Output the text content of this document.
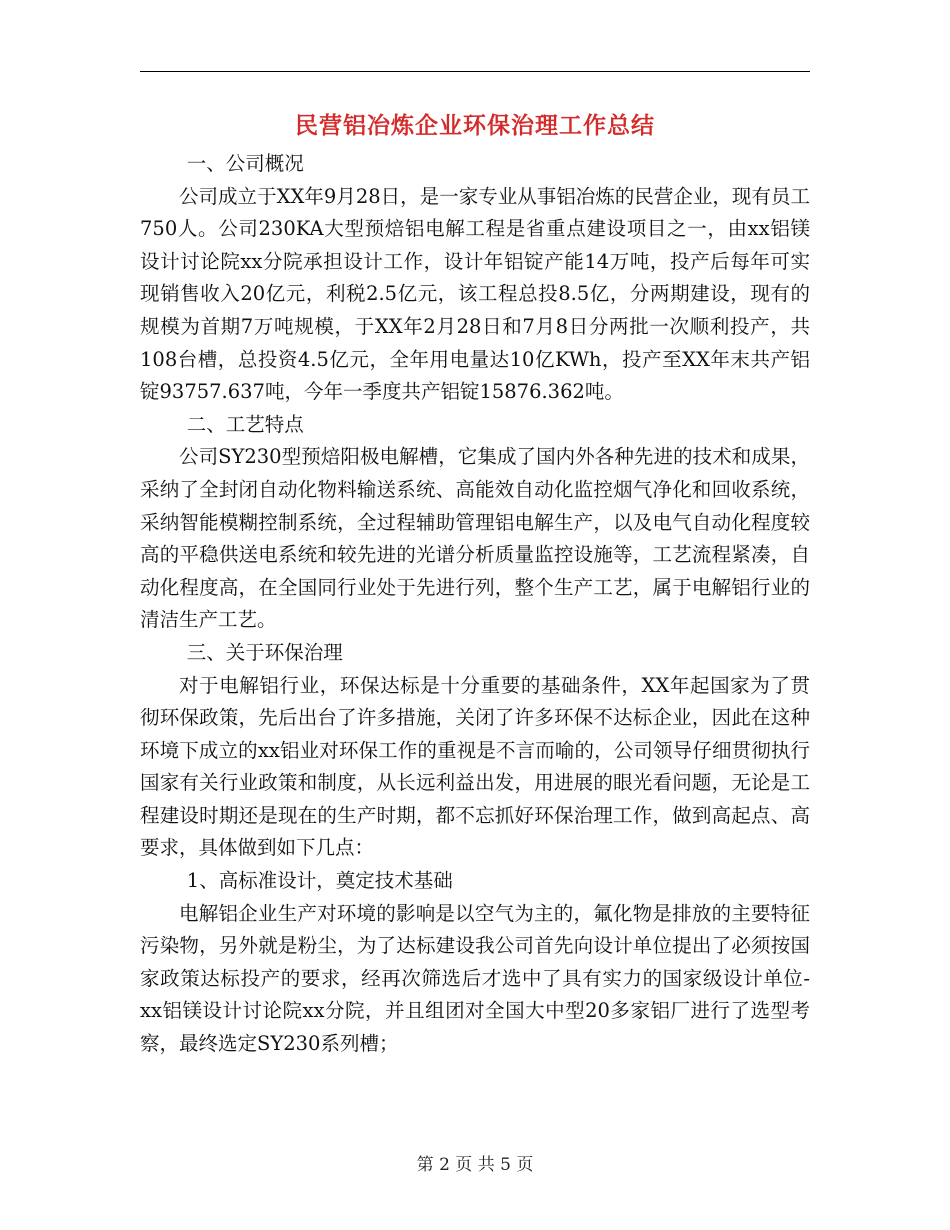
民营铝冶炼企业环保治理工作总结

一、公司概况

公司成立于XX年9月28日，是一家专业从事铝冶炼的民营企业，现有员工750人。公司230KA大型预焙铝电解工程是省重点建设项目之一，由xx铝镁设计讨论院xx分院承担设计工作，设计年铝锭产能14万吨，投产后每年可实现销售收入20亿元，利税2.5亿元，该工程总投8.5亿，分两期建设，现有的规模为首期7万吨规模，于XX年2月28日和7月8日分两批一次顺利投产，共108台槽，总投资4.5亿元，全年用电量达10亿KWh，投产至XX年末共产铝锭93757.637吨，今年一季度共产铝锭15876.362吨。

二、工艺特点

公司SY230型预焙阳极电解槽，它集成了国内外各种先进的技术和成果，采纳了全封闭自动化物料输送系统、高能效自动化监控烟气净化和回收系统，采纳智能模糊控制系统，全过程辅助管理铝电解生产，以及电气自动化程度较高的平稳供送电系统和较先进的光谱分析质量监控设施等，工艺流程紧凑，自动化程度高，在全国同行业处于先进行列，整个生产工艺，属于电解铝行业的清洁生产工艺。

三、关于环保治理

对于电解铝行业，环保达标是十分重要的基础条件，XX年起国家为了贯彻环保政策，先后出台了许多措施，关闭了许多环保不达标企业，因此在这种环境下成立的xx铝业对环保工作的重视是不言而喻的，公司领导仔细贯彻执行国家有关行业政策和制度，从长远利益出发，用进展的眼光看问题，无论是工程建设时期还是现在的生产时期，都不忘抓好环保治理工作，做到高起点、高要求，具体做到如下几点：

1、高标准设计，奠定技术基础

电解铝企业生产对环境的影响是以空气为主的，氟化物是排放的主要特征污染物，另外就是粉尘，为了达标建设我公司首先向设计单位提出了必须按国家政策达标投产的要求，经再次筛选后才选中了具有实力的国家级设计单位-xx铝镁设计讨论院xx分院，并且组团对全国大中型20多家铝厂进行了选型考察，最终选定SY230系列槽；

第 2 页 共 5 页
